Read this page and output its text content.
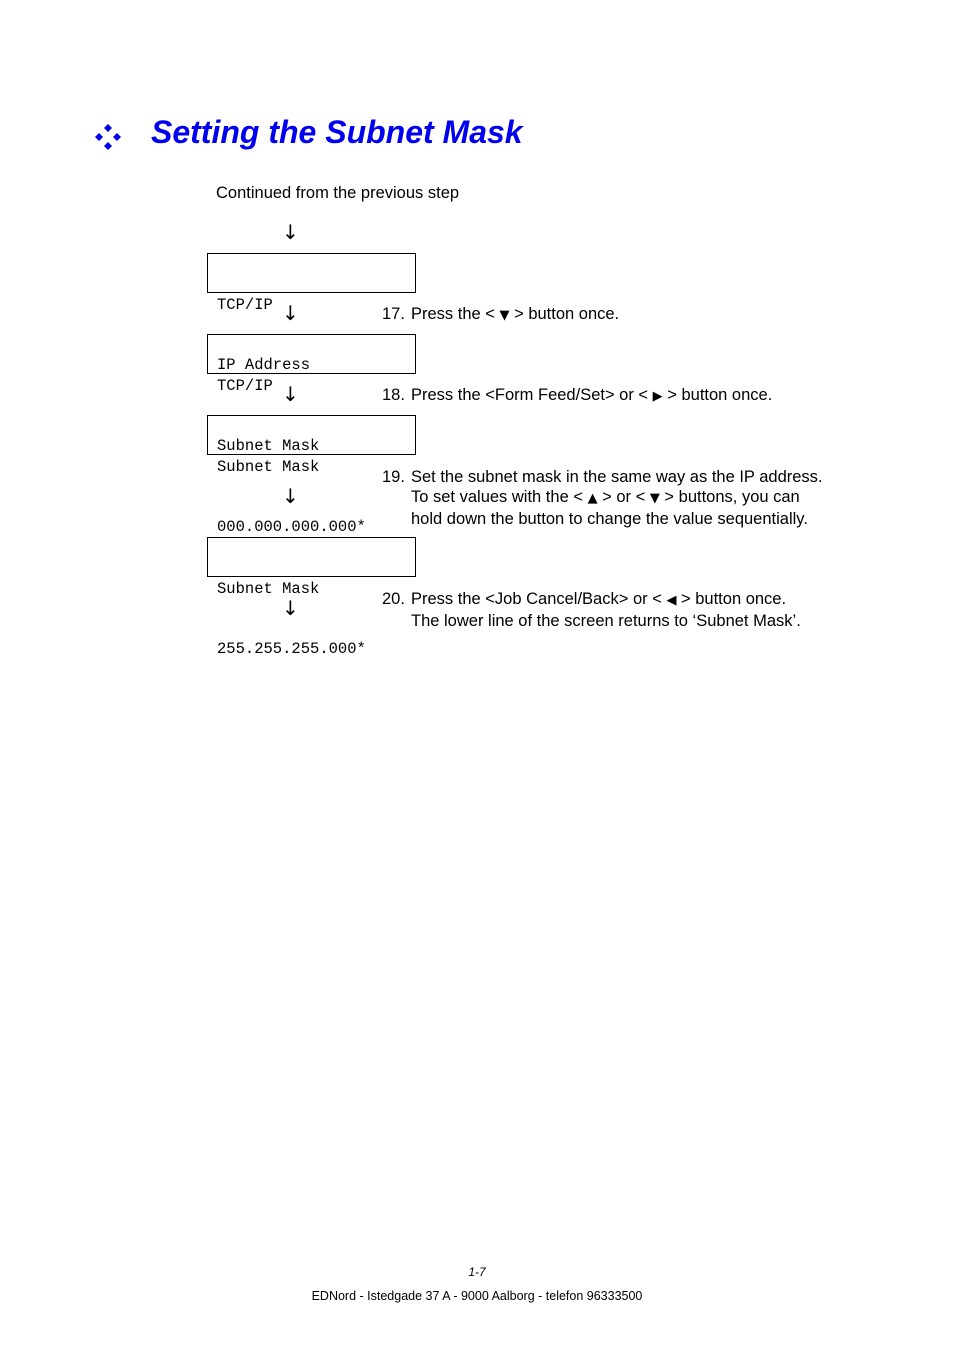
Setting the Subnet Mask
Continued from the previous step
↓

TCP/IP

IP Address

↓	17. Press the < ▼ > button once.

TCP/IP

Subnet Mask

↓	18. Press the <Form Feed/Set> or < ▶ > button once.

Subnet Mask

000.000.000.000*

↓
19. Set the subnet mask in the same way as the IP address.
To set values with the < ▲ > or < ▼ > buttons, you can
hold down the button to change the value sequentially.

Subnet Mask

255.255.255.000*

↓	20. Press the <Job Cancel/Back> or < ◀ > button once.
The lower line of the screen returns to ‘Subnet Mask’.
1-7
EDNord - Istedgade 37 A - 9000 Aalborg - telefon 96333500
